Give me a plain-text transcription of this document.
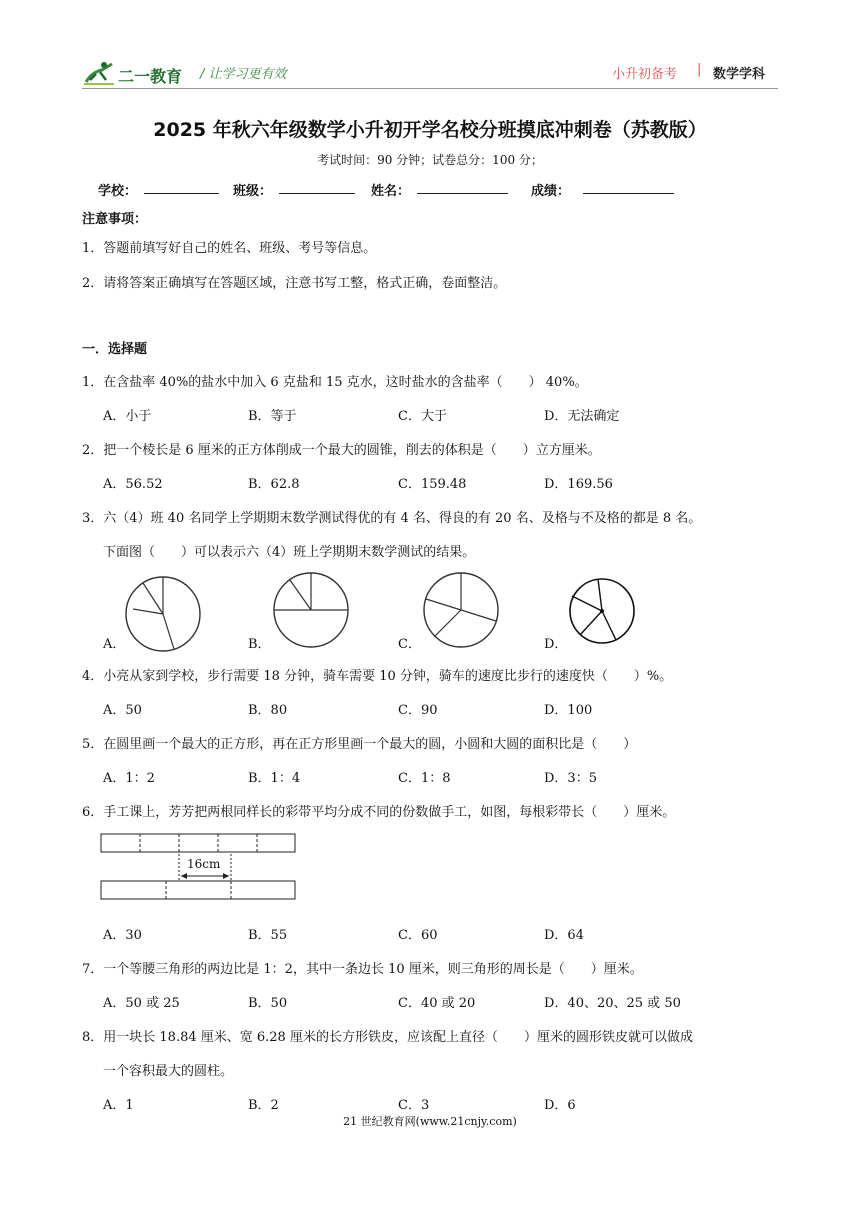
二一教育 / 让学习更有效	小升初备考 | 数学学科
2025 年秋六年级数学小升初开学名校分班摸底冲刺卷（苏教版）
考试时间：90 分钟；试卷总分：100 分；
学校：	班级：	姓名：	成绩：
注意事项：
1．答题前填写好自己的姓名、班级、考号等信息。
2．请将答案正确填写在答题区域，注意书写工整，格式正确，卷面整洁。
一．选择题
1．在含盐率 40%的盐水中加入 6 克盐和 15 克水，这时盐水的含盐率（　　） 40%。
A．小于	B．等于	C．大于	D．无法确定
2．把一个棱长是 6 厘米的正方体削成一个最大的圆锥，削去的体积是（　　）立方厘米。
A．56.52	B．62.8	C．159.48	D．169.56
3．六（4）班 40 名同学上学期期末数学测试得优的有 4 名、得良的有 20 名、及格与不及格的都是 8 名。
下面图（　　）可以表示六（4）班上学期期末数学测试的结果。
A．	B．	C．	D．
4．小亮从家到学校，步行需要 18 分钟，骑车需要 10 分钟，骑车的速度比步行的速度快（　　）%。
A．50	B．80	C．90	D．100
5．在圆里画一个最大的正方形，再在正方形里画一个最大的圆，小圆和大圆的面积比是（　　）
A．1：2	B．1：4	C．1：8	D．3：5
6．手工课上，芳芳把两根同样长的彩带平均分成不同的份数做手工，如图，每根彩带长（　　）厘米。
16cm
A．30	B．55	C．60	D．64
7．一个等腰三角形的两边比是 1：2，其中一条边长 10 厘米，则三角形的周长是（　　）厘米。
A．50 或 25	B．50	C．40 或 20	D．40、20、25 或 50
8．用一块长 18.84 厘米、宽 6.28 厘米的长方形铁皮，应该配上直径（　　）厘米的圆形铁皮就可以做成
一个容积最大的圆柱。
A．1	B．2	C．3	D．6
21 世纪教育网(www.21cnjy.com)
